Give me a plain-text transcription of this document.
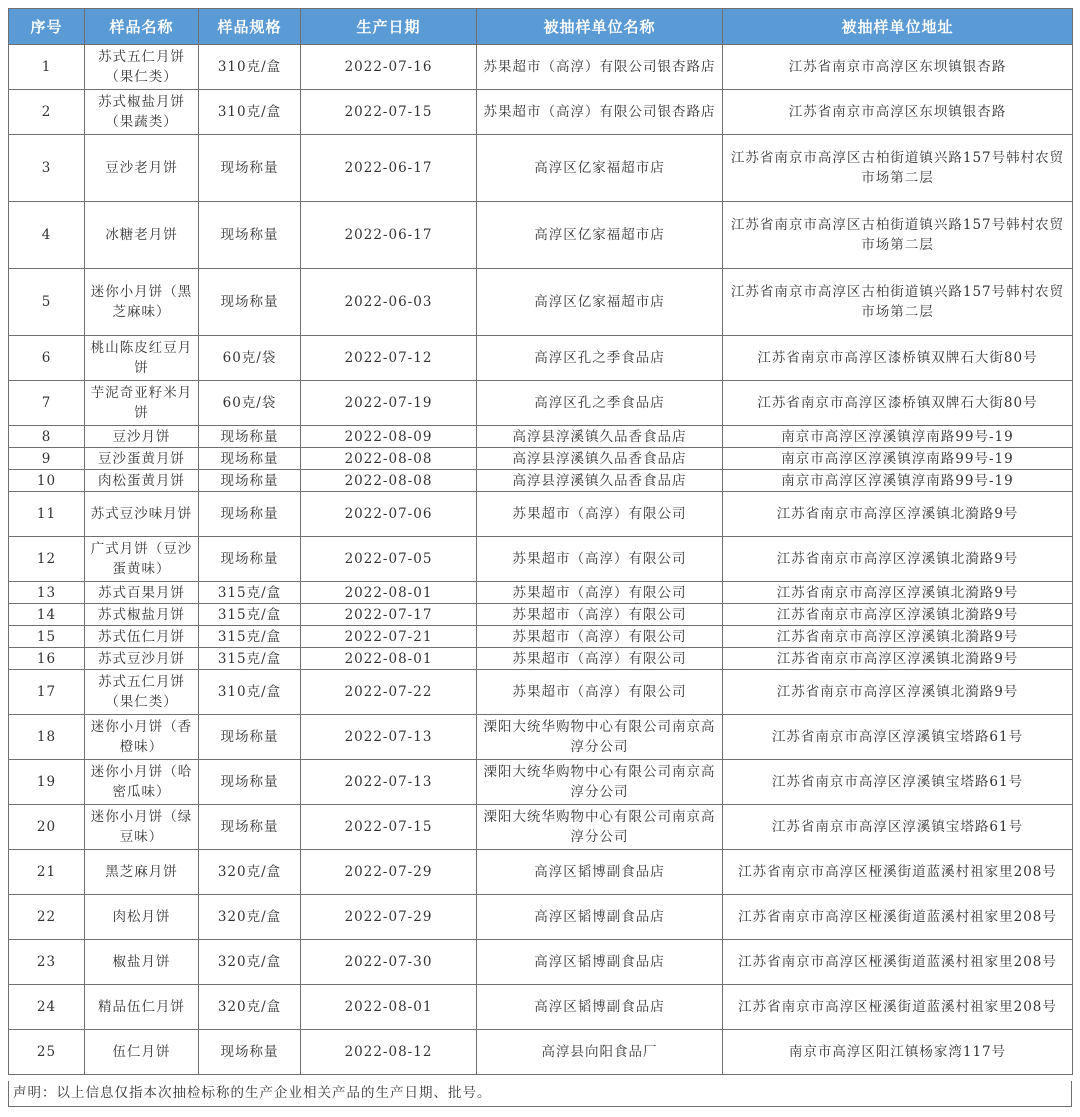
序号	样品名称	样品规格	生产日期	被抽样单位名称	被抽样单位地址
1	苏式五仁月饼（果仁类）	310克/盒	2022-07-16	苏果超市（高淳）有限公司银杏路店	江苏省南京市高淳区东坝镇银杏路
2	苏式椒盐月饼（果蔬类）	310克/盒	2022-07-15	苏果超市（高淳）有限公司银杏路店	江苏省南京市高淳区东坝镇银杏路
3	豆沙老月饼	现场称量	2022-06-17	高淳区亿家福超市店	江苏省南京市高淳区古柏街道镇兴路157号韩村农贸市场第二层
4	冰糖老月饼	现场称量	2022-06-17	高淳区亿家福超市店	江苏省南京市高淳区古柏街道镇兴路157号韩村农贸市场第二层
5	迷你小月饼（黑芝麻味）	现场称量	2022-06-03	高淳区亿家福超市店	江苏省南京市高淳区古柏街道镇兴路157号韩村农贸市场第二层
6	桃山陈皮红豆月饼	60克/袋	2022-07-12	高淳区孔之季食品店	江苏省南京市高淳区漆桥镇双牌石大街80号
7	芋泥奇亚籽米月饼	60克/袋	2022-07-19	高淳区孔之季食品店	江苏省南京市高淳区漆桥镇双牌石大街80号
8	豆沙月饼	现场称量	2022-08-09	高淳县淳溪镇久品香食品店	南京市高淳区淳溪镇淳南路99号-19
9	豆沙蛋黄月饼	现场称量	2022-08-08	高淳县淳溪镇久品香食品店	南京市高淳区淳溪镇淳南路99号-19
10	肉松蛋黄月饼	现场称量	2022-08-08	高淳县淳溪镇久品香食品店	南京市高淳区淳溪镇淳南路99号-19
11	苏式豆沙味月饼	现场称量	2022-07-06	苏果超市（高淳）有限公司	江苏省南京市高淳区淳溪镇北漪路9号
12	广式月饼（豆沙蛋黄味）	现场称量	2022-07-05	苏果超市（高淳）有限公司	江苏省南京市高淳区淳溪镇北漪路9号
13	苏式百果月饼	315克/盒	2022-08-01	苏果超市（高淳）有限公司	江苏省南京市高淳区淳溪镇北漪路9号
14	苏式椒盐月饼	315克/盒	2022-07-17	苏果超市（高淳）有限公司	江苏省南京市高淳区淳溪镇北漪路9号
15	苏式伍仁月饼	315克/盒	2022-07-21	苏果超市（高淳）有限公司	江苏省南京市高淳区淳溪镇北漪路9号
16	苏式豆沙月饼	315克/盒	2022-08-01	苏果超市（高淳）有限公司	江苏省南京市高淳区淳溪镇北漪路9号
17	苏式五仁月饼（果仁类）	310克/盒	2022-07-22	苏果超市（高淳）有限公司	江苏省南京市高淳区淳溪镇北漪路9号
18	迷你小月饼（香橙味）	现场称量	2022-07-13	溧阳大统华购物中心有限公司南京高淳分公司	江苏省南京市高淳区淳溪镇宝塔路61号
19	迷你小月饼（哈密瓜味）	现场称量	2022-07-13	溧阳大统华购物中心有限公司南京高淳分公司	江苏省南京市高淳区淳溪镇宝塔路61号
20	迷你小月饼（绿豆味）	现场称量	2022-07-15	溧阳大统华购物中心有限公司南京高淳分公司	江苏省南京市高淳区淳溪镇宝塔路61号
21	黑芝麻月饼	320克/盒	2022-07-29	高淳区韬博副食品店	江苏省南京市高淳区桠溪街道蓝溪村祖家里208号
22	肉松月饼	320克/盒	2022-07-29	高淳区韬博副食品店	江苏省南京市高淳区桠溪街道蓝溪村祖家里208号
23	椒盐月饼	320克/盒	2022-07-30	高淳区韬博副食品店	江苏省南京市高淳区桠溪街道蓝溪村祖家里208号
24	精品伍仁月饼	320克/盒	2022-08-01	高淳区韬博副食品店	江苏省南京市高淳区桠溪街道蓝溪村祖家里208号
25	伍仁月饼	现场称量	2022-08-12	高淳县向阳食品厂	南京市高淳区阳江镇杨家湾117号
声明：以上信息仅指本次抽检标称的生产企业相关产品的生产日期、批号。
